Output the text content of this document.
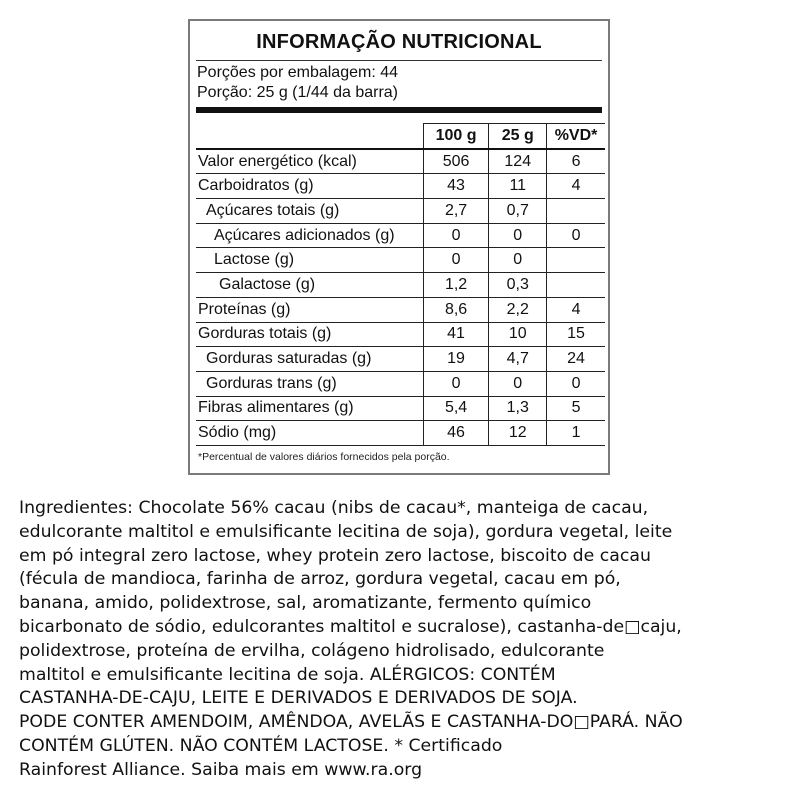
INFORMAÇÃO NUTRICIONAL
Porções por embalagem: 44
Porção: 25 g (1/44 da barra)
	100 g	25 g	%VD*
Valor energético (kcal)	506	124	6
Carboidratos (g)	43	11	4
Açúcares totais (g)	2,7	0,7	
Açúcares adicionados (g)	0	0	0
Lactose (g)	0	0	
Galactose (g)	1,2	0,3	
Proteínas (g)	8,6	2,2	4
Gorduras totais (g)	41	10	15
Gorduras saturadas (g)	19	4,7	24
Gorduras trans (g)	0	0	0
Fibras alimentares (g)	5,4	1,3	5
Sódio (mg)	46	12	1
*Percentual de valores diários fornecidos pela porção.
Ingredientes: Chocolate 56% cacau (nibs de cacau*, manteiga de cacau,
edulcorante maltitol e emulsificante lecitina de soja), gordura vegetal, leite
em pó integral zero lactose, whey protein zero lactose, biscoito de cacau
(fécula de mandioca, farinha de arroz, gordura vegetal, cacau em pó,
banana, amido, polidextrose, sal, aromatizante, fermento químico
bicarbonato de sódio, edulcorantes maltitol e sucralose), castanha-de□caju,
polidextrose, proteína de ervilha, colágeno hidrolisado, edulcorante
maltitol e emulsificante lecitina de soja. ALÉRGICOS: CONTÉM
CASTANHA-DE-CAJU, LEITE E DERIVADOS E DERIVADOS DE SOJA.
PODE CONTER AMENDOIM, AMÊNDOA, AVELÃS E CASTANHA-DO□PARÁ. NÃO
CONTÉM GLÚTEN. NÃO CONTÉM LACTOSE. * Certificado
Rainforest Alliance. Saiba mais em www.ra.org
